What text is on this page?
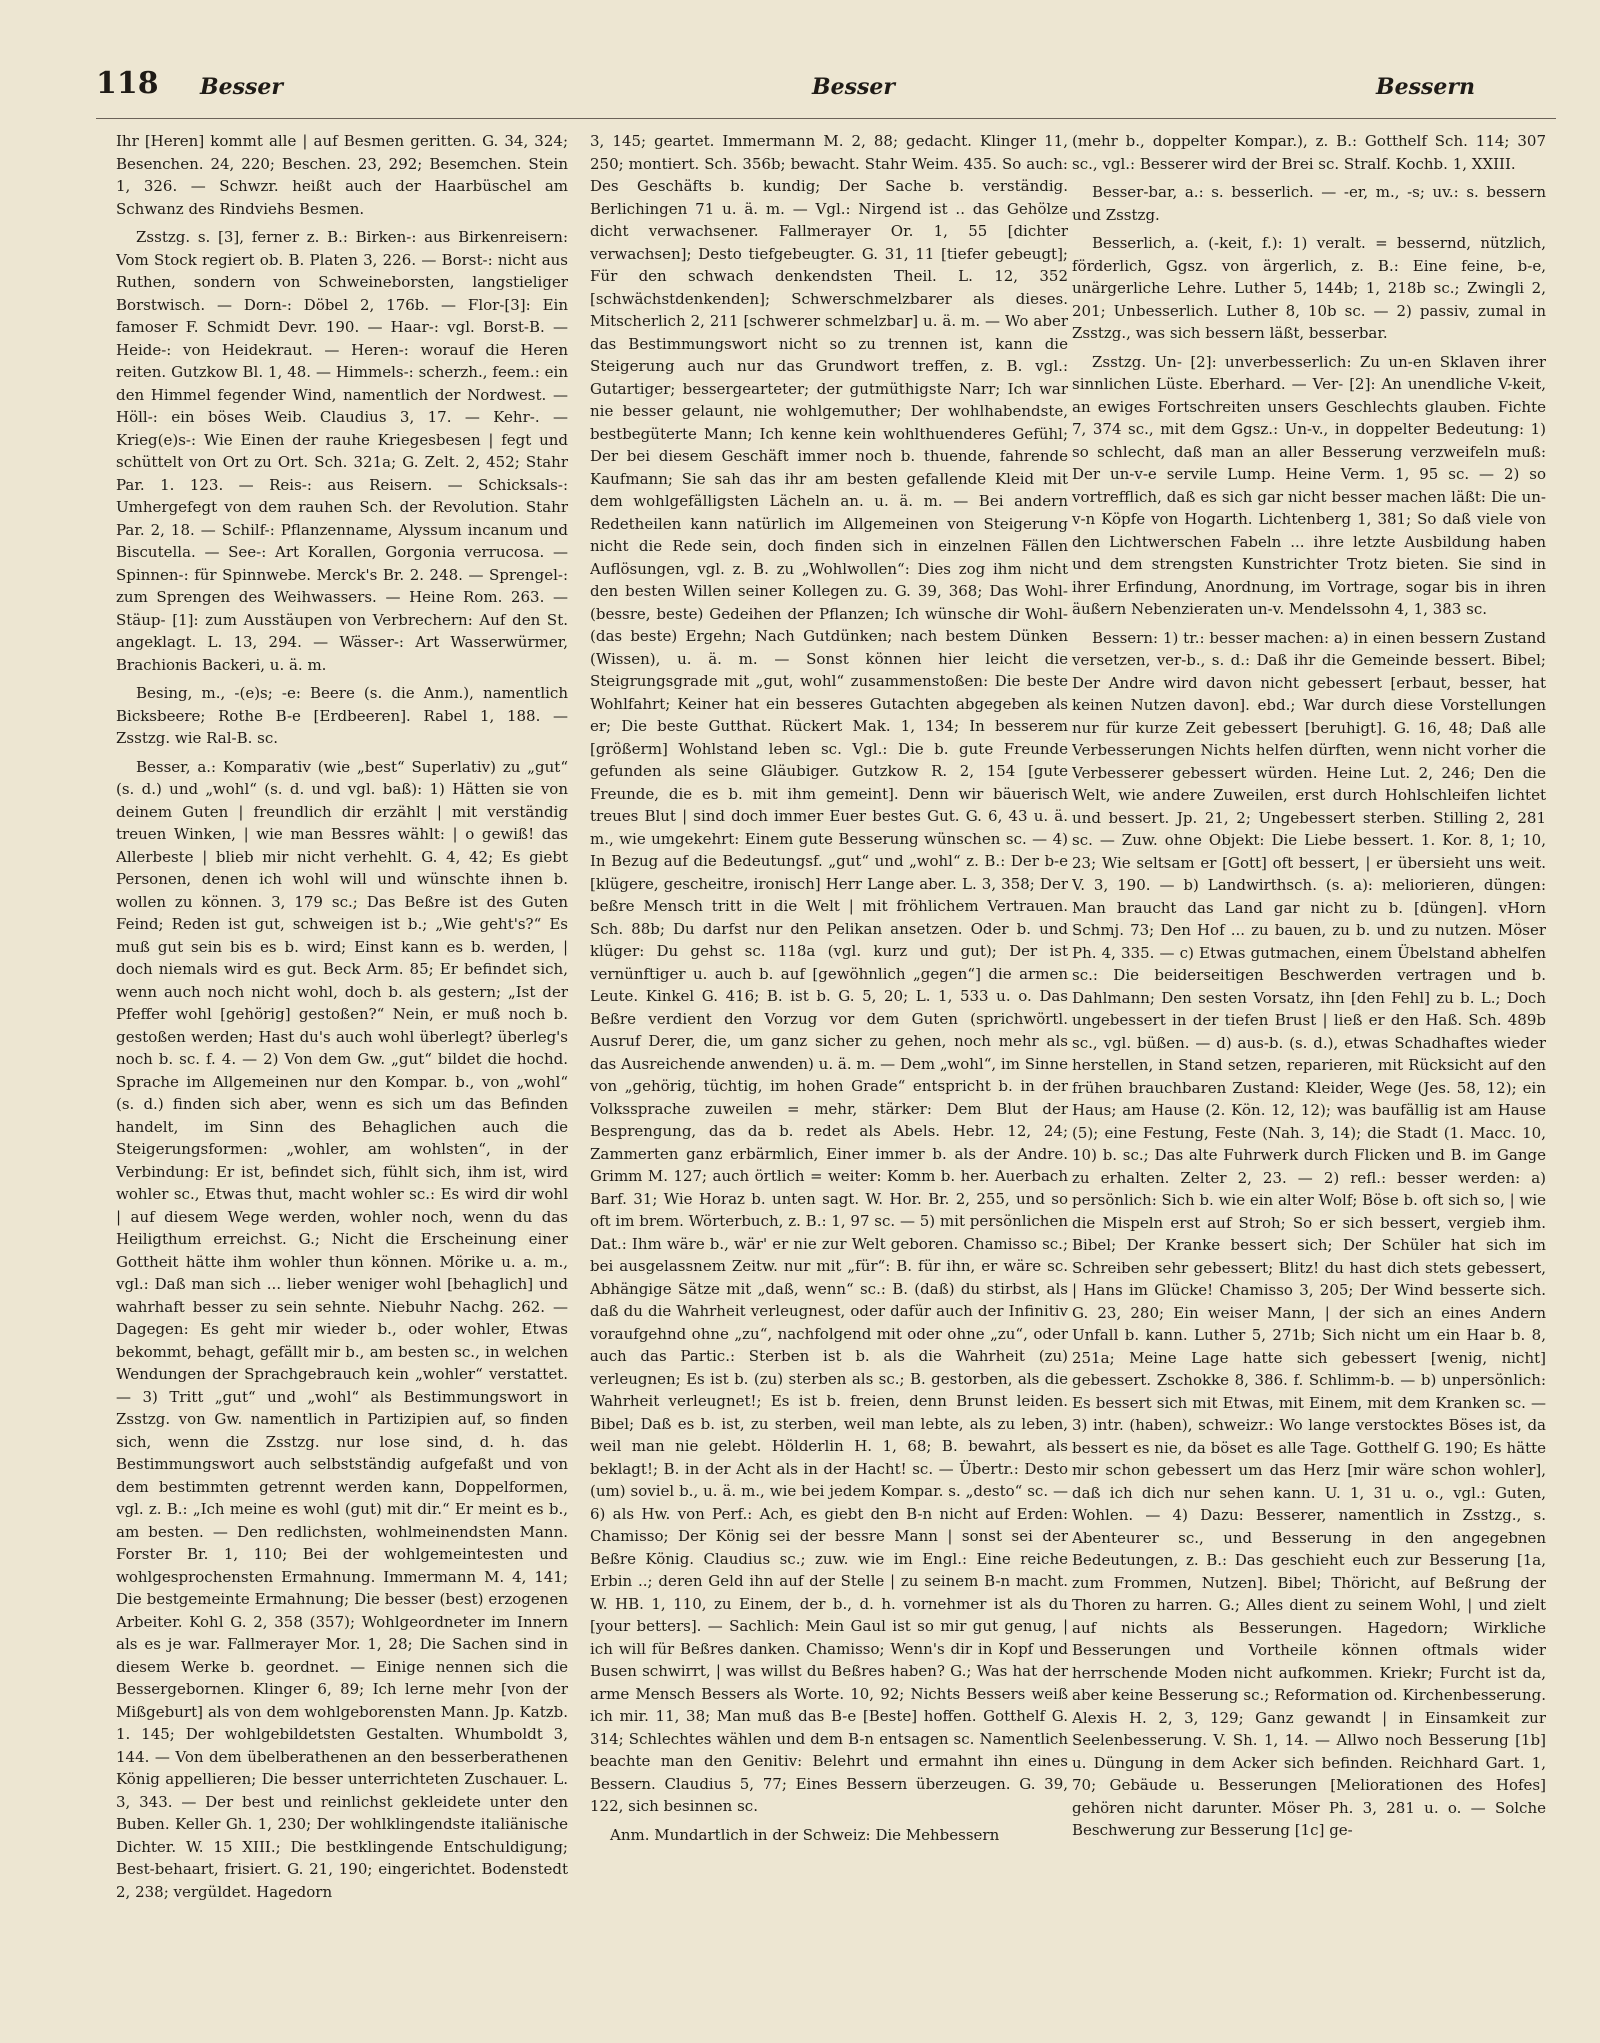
118 Besser	Besser	Bessern

Ihr [Heren] kommt alle | auf Besmen geritten. G. 34, 324; Besenchen. 24, 220; Beschen. 23, 292; Besemchen. Stein 1, 326. — Schwzr. heißt auch der Haarbüschel am Schwanz des Rindviehs Besmen.

Zsstzg. s. [3], ferner z. B.: Birken-: aus Birkenreisern: Vom Stock regiert ob. B. Platen 3, 226. — Borst-: nicht aus Ruthen, sondern von Schweineborsten, langstieliger Borstwisch. — Dorn-: Döbel 2, 176b. — Flor-[3]: Ein famoser F. Schmidt Devr. 190. — Haar-: vgl. Borst-B. — Heide-: von Heidekraut. — Heren-: worauf die Heren reiten. Gutzkow Bl. 1, 48. — Himmels-: scherzh., feem.: ein den Himmel fegender Wind, namentlich der Nordwest. — Höll-: ein böses Weib. Claudius 3, 17. — Kehr-. — Krieg(e)s-: Wie Einen der rauhe Kriegesbesen | fegt und schüttelt von Ort zu Ort. Sch. 321a; G. Zelt. 2, 452; Stahr Par. 1. 123. — Reis-: aus Reisern. — Schicksals-: Umhergefegt von dem rauhen Sch. der Revolution. Stahr Par. 2, 18. — Schilf-: Pflanzenname, Alyssum incanum und Biscutella. — See-: Art Korallen, Gorgonia verrucosa. — Spinnen-: für Spinnwebe. Merck's Br. 2. 248. — Sprengel-: zum Sprengen des Weihwassers. — Heine Rom. 263. — Stäup- [1]: zum Ausstäupen von Verbrechern: Auf den St. angeklagt. L. 13, 294. — Wässer-: Art Wasserwürmer, Brachionis Backeri, u. ä. m.

Besing, m., -(e)s; -e: Beere (s. die Anm.), namentlich Bicksbeere; Rothe B-e [Erdbeeren]. Rabel 1, 188. — Zsstzg. wie Ral-B. sc.

Besser, a.: Komparativ (wie „best“ Superlativ) zu „gut“ (s. d.) und „wohl“ (s. d. und vgl. baß): 1) Hätten sie von deinem Guten | freundlich dir erzählt | mit verständig treuen Winken, | wie man Bessres wählt: | o gewiß! das Allerbeste | blieb mir nicht verhehlt. G. 4, 42; Es giebt Personen, denen ich wohl will und wünschte ihnen b. wollen zu können. 3, 179 sc.; Das Beßre ist des Guten Feind; Reden ist gut, schweigen ist b.; „Wie geht's?“ Es muß gut sein bis es b. wird; Einst kann es b. werden, | doch niemals wird es gut. Beck Arm. 85; Er befindet sich, wenn auch noch nicht wohl, doch b. als gestern; „Ist der Pfeffer wohl [gehörig] gestoßen?“ Nein, er muß noch b. gestoßen werden; Hast du's auch wohl überlegt? überleg's noch b. sc. f. 4. — 2) Von dem Gw. „gut“ bildet die hochd. Sprache im Allgemeinen nur den Kompar. b., von „wohl“ (s. d.) finden sich aber, wenn es sich um das Befinden handelt, im Sinn des Behaglichen auch die Steigerungsformen: „wohler, am wohlsten“, in der Verbindung: Er ist, befindet sich, fühlt sich, ihm ist, wird wohler sc., Etwas thut, macht wohler sc.: Es wird dir wohl | auf diesem Wege werden, wohler noch, wenn du das Heiligthum erreichst. G.; Nicht die Erscheinung einer Gottheit hätte ihm wohler thun können. Mörike u. a. m., vgl.: Daß man sich ... lieber weniger wohl [behaglich] und wahrhaft besser zu sein sehnte. Niebuhr Nachg. 262. — Dagegen: Es geht mir wieder b., oder wohler, Etwas bekommt, behagt, gefällt mir b., am besten sc., in welchen Wendungen der Sprachgebrauch kein „wohler“ verstattet. — 3) Tritt „gut“ und „wohl“ als Bestimmungswort in Zsstzg. von Gw. namentlich in Partizipien auf, so finden sich, wenn die Zsstzg. nur lose sind, d. h. das Bestimmungswort auch selbstständig aufgefaßt und von dem bestimmten getrennt werden kann, Doppelformen, vgl. z. B.: „Ich meine es wohl (gut) mit dir.“ Er meint es b., am besten. — Den redlichsten, wohlmeinendsten Mann. Forster Br. 1, 110; Bei der wohlgemeintesten und wohlgesprochensten Ermahnung. Immermann M. 4, 141; Die bestgemeinte Ermahnung; Die besser (best) erzogenen Arbeiter. Kohl G. 2, 358 (357); Wohlgeordneter im Innern als es je war. Fallmerayer Mor. 1, 28; Die Sachen sind in diesem Werke b. geordnet. — Einige nennen sich die Bessergebornen. Klinger 6, 89; Ich lerne mehr [von der Mißgeburt] als von dem wohlgeborensten Mann. Jp. Katzb. 1. 145; Der wohlgebildetsten Gestalten. Whumboldt 3, 144. — Von dem übelberathenen an den besserberathenen König appellieren; Die besser unterrichteten Zuschauer. L. 3, 343. — Der best und reinlichst gekleidete unter den Buben. Keller Gh. 1, 230; Der wohlklingendste italiänische Dichter. W. 15 XIII.; Die bestklingende Entschuldigung; Best-behaart, frisiert. G. 21, 190; eingerichtet. Bodenstedt 2, 238; vergüldet. Hagedorn

3, 145; geartet. Immermann M. 2, 88; gedacht. Klinger 11, 250; montiert. Sch. 356b; bewacht. Stahr Weim. 435. So auch: Des Geschäfts b. kundig; Der Sache b. verständig. Berlichingen 71 u. ä. m. — Vgl.: Nirgend ist .. das Gehölze dicht verwachsener. Fallmerayer Or. 1, 55 [dichter verwachsen]; Desto tiefgebeugter. G. 31, 11 [tiefer gebeugt]; Für den schwach denkendsten Theil. L. 12, 352 [schwächstdenkenden]; Schwerschmelzbarer als dieses. Mitscherlich 2, 211 [schwerer schmelzbar] u. ä. m. — Wo aber das Bestimmungswort nicht so zu trennen ist, kann die Steigerung auch nur das Grundwort treffen, z. B. vgl.: Gutartiger; bessergearteter; der gutmüthigste Narr; Ich war nie besser gelaunt, nie wohlgemuther; Der wohlhabendste, bestbegüterte Mann; Ich kenne kein wohlthuenderes Gefühl; Der bei diesem Geschäft immer noch b. thuende, fahrende Kaufmann; Sie sah das ihr am besten gefallende Kleid mit dem wohlgefälligsten Lächeln an. u. ä. m. — Bei andern Redetheilen kann natürlich im Allgemeinen von Steigerung nicht die Rede sein, doch finden sich in einzelnen Fällen Auflösungen, vgl. z. B. zu „Wohlwollen“: Dies zog ihm nicht den besten Willen seiner Kollegen zu. G. 39, 368; Das Wohl- (bessre, beste) Gedeihen der Pflanzen; Ich wünsche dir Wohl- (das beste) Ergehn; Nach Gutdünken; nach bestem Dünken (Wissen), u. ä. m. — Sonst können hier leicht die Steigrungsgrade mit „gut, wohl“ zusammenstoßen: Die beste Wohlfahrt; Keiner hat ein besseres Gutachten abgegeben als er; Die beste Gutthat. Rückert Mak. 1, 134; In besserem [größerm] Wohlstand leben sc. Vgl.: Die b. gute Freunde gefunden als seine Gläubiger. Gutzkow R. 2, 154 [gute Freunde, die es b. mit ihm gemeint]. Denn wir bäuerisch treues Blut | sind doch immer Euer bestes Gut. G. 6, 43 u. ä. m., wie umgekehrt: Einem gute Besserung wünschen sc. — 4) In Bezug auf die Bedeutungsf. „gut“ und „wohl“ z. B.: Der b-e [klügere, gescheitre, ironisch] Herr Lange aber. L. 3, 358; Der beßre Mensch tritt in die Welt | mit fröhlichem Vertrauen. Sch. 88b; Du darfst nur den Pelikan ansetzen. Oder b. und klüger: Du gehst sc. 118a (vgl. kurz und gut); Der ist vernünftiger u. auch b. auf [gewöhnlich „gegen“] die armen Leute. Kinkel G. 416; B. ist b. G. 5, 20; L. 1, 533 u. o. Das Beßre verdient den Vorzug vor dem Guten (sprichwörtl. Ausruf Derer, die, um ganz sicher zu gehen, noch mehr als das Ausreichende anwenden) u. ä. m. — Dem „wohl“, im Sinne von „gehörig, tüchtig, im hohen Grade“ entspricht b. in der Volkssprache zuweilen = mehr, stärker: Dem Blut der Besprengung, das da b. redet als Abels. Hebr. 12, 24; Zammerten ganz erbärmlich, Einer immer b. als der Andre. Grimm M. 127; auch örtlich = weiter: Komm b. her. Auerbach Barf. 31; Wie Horaz b. unten sagt. W. Hor. Br. 2, 255, und so oft im brem. Wörterbuch, z. B.: 1, 97 sc. — 5) mit persönlichen Dat.: Ihm wäre b., wär' er nie zur Welt geboren. Chamisso sc.; bei ausgelassnem Zeitw. nur mit „für“: B. für ihn, er wäre sc. Abhängige Sätze mit „daß, wenn“ sc.: B. (daß) du stirbst, als daß du die Wahrheit verleugnest, oder dafür auch der Infinitiv voraufgehnd ohne „zu“, nachfolgend mit oder ohne „zu“, oder auch das Partic.: Sterben ist b. als die Wahrheit (zu) verleugnen; Es ist b. (zu) sterben als sc.; B. gestorben, als die Wahrheit verleugnet!; Es ist b. freien, denn Brunst leiden. Bibel; Daß es b. ist, zu sterben, weil man lebte, als zu leben, weil man nie gelebt. Hölderlin H. 1, 68; B. bewahrt, als beklagt!; B. in der Acht als in der Hacht! sc. — Übertr.: Desto (um) soviel b., u. ä. m., wie bei jedem Kompar. s. „desto“ sc. — 6) als Hw. von Perf.: Ach, es giebt den B-n nicht auf Erden: Chamisso; Der König sei der bessre Mann | sonst sei der Beßre König. Claudius sc.; zuw. wie im Engl.: Eine reiche Erbin ..; deren Geld ihn auf der Stelle | zu seinem B-n macht. W. HB. 1, 110, zu Einem, der b., d. h. vornehmer ist als du [your betters]. — Sachlich: Mein Gaul ist so mir gut genug, | ich will für Beßres danken. Chamisso; Wenn's dir in Kopf und Busen schwirrt, | was willst du Beßres haben? G.; Was hat der arme Mensch Bessers als Worte. 10, 92; Nichts Bessers weiß ich mir. 11, 38; Man muß das B-e [Beste] hoffen. Gotthelf G. 314; Schlechtes wählen und dem B-n entsagen sc. Namentlich beachte man den Genitiv: Belehrt und ermahnt ihn eines Bessern. Claudius 5, 77; Eines Bessern überzeugen. G. 39, 122, sich besinnen sc.

Anm. Mundartlich in der Schweiz: Die Mehbessern

(mehr b., doppelter Kompar.), z. B.: Gotthelf Sch. 114; 307 sc., vgl.: Besserer wird der Brei sc. Stralf. Kochb. 1, XXIII.

Besser-bar, a.: s. besserlich. — -er, m., -s; uv.: s. bessern und Zsstzg.

Besserlich, a. (-keit, f.): 1) veralt. = bessernd, nützlich, förderlich, Ggsz. von ärgerlich, z. B.: Eine feine, b-e, unärgerliche Lehre. Luther 5, 144b; 1, 218b sc.; Zwingli 2, 201; Unbesserlich. Luther 8, 10b sc. — 2) passiv, zumal in Zsstzg., was sich bessern läßt, besserbar.

Zsstzg. Un- [2]: unverbesserlich: Zu un-en Sklaven ihrer sinnlichen Lüste. Eberhard. — Ver- [2]: An unendliche V-keit, an ewiges Fortschreiten unsers Geschlechts glauben. Fichte 7, 374 sc., mit dem Ggsz.: Un-v., in doppelter Bedeutung: 1) so schlecht, daß man an aller Besserung verzweifeln muß: Der un-v-e servile Lump. Heine Verm. 1, 95 sc. — 2) so vortrefflich, daß es sich gar nicht besser machen läßt: Die un-v-n Köpfe von Hogarth. Lichtenberg 1, 381; So daß viele von den Lichtwerschen Fabeln ... ihre letzte Ausbildung haben und dem strengsten Kunstrichter Trotz bieten. Sie sind in ihrer Erfindung, Anordnung, im Vortrage, sogar bis in ihren äußern Nebenzieraten un-v. Mendelssohn 4, 1, 383 sc.

Bessern: 1) tr.: besser machen: a) in einen bessern Zustand versetzen, ver-b., s. d.: Daß ihr die Gemeinde bessert. Bibel; Der Andre wird davon nicht gebessert [erbaut, besser, hat keinen Nutzen davon]. ebd.; War durch diese Vorstellungen nur für kurze Zeit gebessert [beruhigt]. G. 16, 48; Daß alle Verbesserungen Nichts helfen dürften, wenn nicht vorher die Verbesserer gebessert würden. Heine Lut. 2, 246; Den die Welt, wie andere Zuweilen, erst durch Hohlschleifen lichtet und bessert. Jp. 21, 2; Ungebessert sterben. Stilling 2, 281 sc. — Zuw. ohne Objekt: Die Liebe bessert. 1. Kor. 8, 1; 10, 23; Wie seltsam er [Gott] oft bessert, | er übersieht uns weit. V. 3, 190. — b) Landwirthsch. (s. a): meliorieren, düngen: Man braucht das Land gar nicht zu b. [düngen]. vHorn Schmj. 73; Den Hof ... zu bauen, zu b. und zu nutzen. Möser Ph. 4, 335. — c) Etwas gutmachen, einem Übelstand abhelfen sc.: Die beiderseitigen Beschwerden vertragen und b. Dahlmann; Den sesten Vorsatz, ihn [den Fehl] zu b. L.; Doch ungebessert in der tiefen Brust | ließ er den Haß. Sch. 489b sc., vgl. büßen. — d) aus-b. (s. d.), etwas Schadhaftes wieder herstellen, in Stand setzen, reparieren, mit Rücksicht auf den frühen brauchbaren Zustand: Kleider, Wege (Jes. 58, 12); ein Haus; am Hause (2. Kön. 12, 12); was baufällig ist am Hause (5); eine Festung, Feste (Nah. 3, 14); die Stadt (1. Macc. 10, 10) b. sc.; Das alte Fuhrwerk durch Flicken und B. im Gange zu erhalten. Zelter 2, 23. — 2) refl.: besser werden: a) persönlich: Sich b. wie ein alter Wolf; Böse b. oft sich so, | wie die Mispeln erst auf Stroh; So er sich bessert, vergieb ihm. Bibel; Der Kranke bessert sich; Der Schüler hat sich im Schreiben sehr gebessert; Blitz! du hast dich stets gebessert, | Hans im Glücke! Chamisso 3, 205; Der Wind besserte sich. G. 23, 280; Ein weiser Mann, | der sich an eines Andern Unfall b. kann. Luther 5, 271b; Sich nicht um ein Haar b. 8, 251a; Meine Lage hatte sich gebessert [wenig, nicht] gebessert. Zschokke 8, 386. f. Schlimm-b. — b) unpersönlich: Es bessert sich mit Etwas, mit Einem, mit dem Kranken sc. — 3) intr. (haben), schweizr.: Wo lange verstocktes Böses ist, da bessert es nie, da böset es alle Tage. Gotthelf G. 190; Es hätte mir schon gebessert um das Herz [mir wäre schon wohler], daß ich dich nur sehen kann. U. 1, 31 u. o., vgl.: Guten, Wohlen. — 4) Dazu: Besserer, namentlich in Zsstzg., s. Abenteurer sc., und Besserung in den angegebnen Bedeutungen, z. B.: Das geschieht euch zur Besserung [1a, zum Frommen, Nutzen]. Bibel; Thöricht, auf Beßrung der Thoren zu harren. G.; Alles dient zu seinem Wohl, | und zielt auf nichts als Besserungen. Hagedorn; Wirkliche Besserungen und Vortheile können oftmals wider herrschende Moden nicht aufkommen. Kriekr; Furcht ist da, aber keine Besserung sc.; Reformation od. Kirchenbesserung. Alexis H. 2, 3, 129; Ganz gewandt | in Einsamkeit zur Seelenbesserung. V. Sh. 1, 14. — Allwo noch Besserung [1b] u. Düngung in dem Acker sich befinden. Reichhard Gart. 1, 70; Gebäude u. Besserungen [Meliorationen des Hofes] gehören nicht darunter. Möser Ph. 3, 281 u. o. — Solche Beschwerung zur Besserung [1c] ge-
